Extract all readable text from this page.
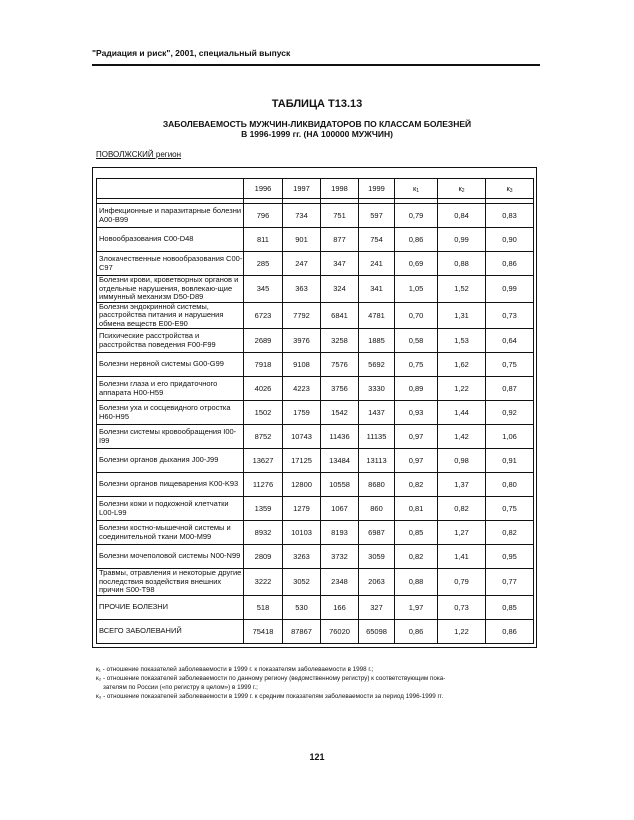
"Радиация и риск", 2001, специальный выпуск
ТАБЛИЦА Т13.13
ЗАБОЛЕВАЕМОСТЬ МУЖЧИН-ЛИКВИДАТОРОВ ПО КЛАССАМ БОЛЕЗНЕЙ
В 1996-1999 гг. (НА 100000 МУЖЧИН)
ПОВОЛЖСКИЙ регион
	1996	1997	1998	1999	к1	к2	к3

Инфекционные и паразитарные болезни A00-B99	796	734	751	597	0,79	0,84	0,83
Новообразования C00-D48	811	901	877	754	0,86	0,99	0,90
Злокачественные новообразования C00-C97	285	247	347	241	0,69	0,88	0,86
Болезни крови, кроветворных органов и отдельные нарушения, вовлекаю-щие иммунный механизм D50-D89	345	363	324	341	1,05	1,52	0,99
Болезни эндокринной системы, расстройства питания и нарушения обмена веществ E00-E90	6723	7792	6841	4781	0,70	1,31	0,73
Психические расстройства и расстройства поведения F00-F99	2689	3976	3258	1885	0,58	1,53	0,64
Болезни нервной системы G00-G99	7918	9108	7576	5692	0,75	1,62	0,75
Болезни глаза и его придаточного аппарата H00-H59	4026	4223	3756	3330	0,89	1,22	0,87
Болезни уха и сосцевидного отростка H60-H95	1502	1759	1542	1437	0,93	1,44	0,92
Болезни системы кровообращения I00-I99	8752	10743	11436	11135	0,97	1,42	1,06
Болезни органов дыхания J00-J99	13627	17125	13484	13113	0,97	0,98	0,91
Болезни органов пищеварения K00-K93	11276	12800	10558	8680	0,82	1,37	0,80
Болезни кожи и подкожной клетчатки L00-L99	1359	1279	1067	860	0,81	0,82	0,75
Болезни костно-мышечной системы и соединительной ткани M00-M99	8932	10103	8193	6987	0,85	1,27	0,82
Болезни мочеполовой системы N00-N99	2809	3263	3732	3059	0,82	1,41	0,95
Травмы, отравления и некоторые другие последствия воздействия внешних причин S00-T98	3222	3052	2348	2063	0,88	0,79	0,77
ПРОЧИЕ БОЛЕЗНИ	518	530	166	327	1,97	0,73	0,85
ВСЕГО ЗАБОЛЕВАНИЙ	75418	87867	76020	65098	0,86	1,22	0,86
к₁ - отношение показателей заболеваемости в 1999 г. к показателям заболеваемости в 1998 г.;
к₂ - отношение показателей заболеваемости по данному региону (ведомственному регистру) к соответствующим пока-
зателям по России («по регистру в целом») в 1999 г.;
к₃ - отношение показателей заболеваемости в 1999 г. к средним показателям заболеваемости за период 1996-1999 гг.
121
